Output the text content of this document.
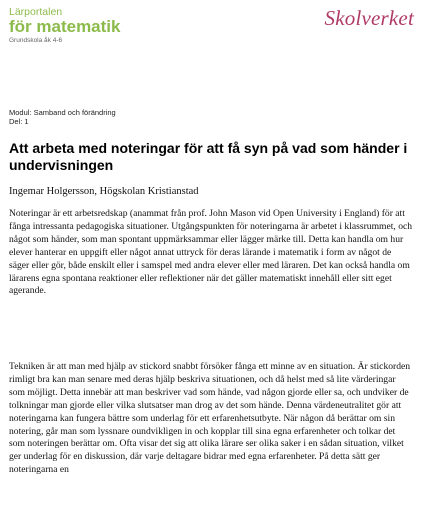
Lärportalen
för matematik
Grundskola åk 4-6
Skolverket
Modul: Samband och förändring
Del: 1
Att arbeta med noteringar för att få syn på vad som händer i undervisningen
Ingemar Holgersson, Högskolan Kristianstad

Noteringar är ett arbetsredskap (anammat från prof. John Mason vid Open University i England) för att fånga intressanta pedagogiska situationer. Utgångspunkten för noteringarna är arbetet i klassrummet, och något som händer, som man spontant uppmärksammar eller lägger märke till. Detta kan handla om hur elever hanterar en uppgift eller något annat uttryck för deras lärande i matematik i form av något de säger eller gör, både enskilt eller i samspel med andra elever eller med läraren. Det kan också handla om lärarens egna spontana reaktioner eller reflektioner när det gäller matematiskt innehåll eller sitt eget agerande.

Tekniken är att man med hjälp av stickord snabbt försöker fånga ett minne av en situation. Är stickorden rimligt bra kan man senare med deras hjälp beskriva situationen, och då helst med så lite värderingar som möjligt. Detta innebär att man beskriver vad som hände, vad någon gjorde eller sa, och undviker de tolkningar man gjorde eller vilka slutsatser man drog av det som hände. Denna värdeneutralitet gör att noteringarna kan fungera bättre som underlag för ett erfarenhetsutbyte. När någon då berättar om sin notering, går man som lyssnare oundvikligen in och kopplar till sina egna erfarenheter och tolkar det som noteringen berättar om. Ofta visar det sig att olika lärare ser olika saker i en sådan situation, vilket ger underlag för en diskussion, där varje deltagare bidrar med egna erfarenheter. På detta sätt ger noteringarna en
